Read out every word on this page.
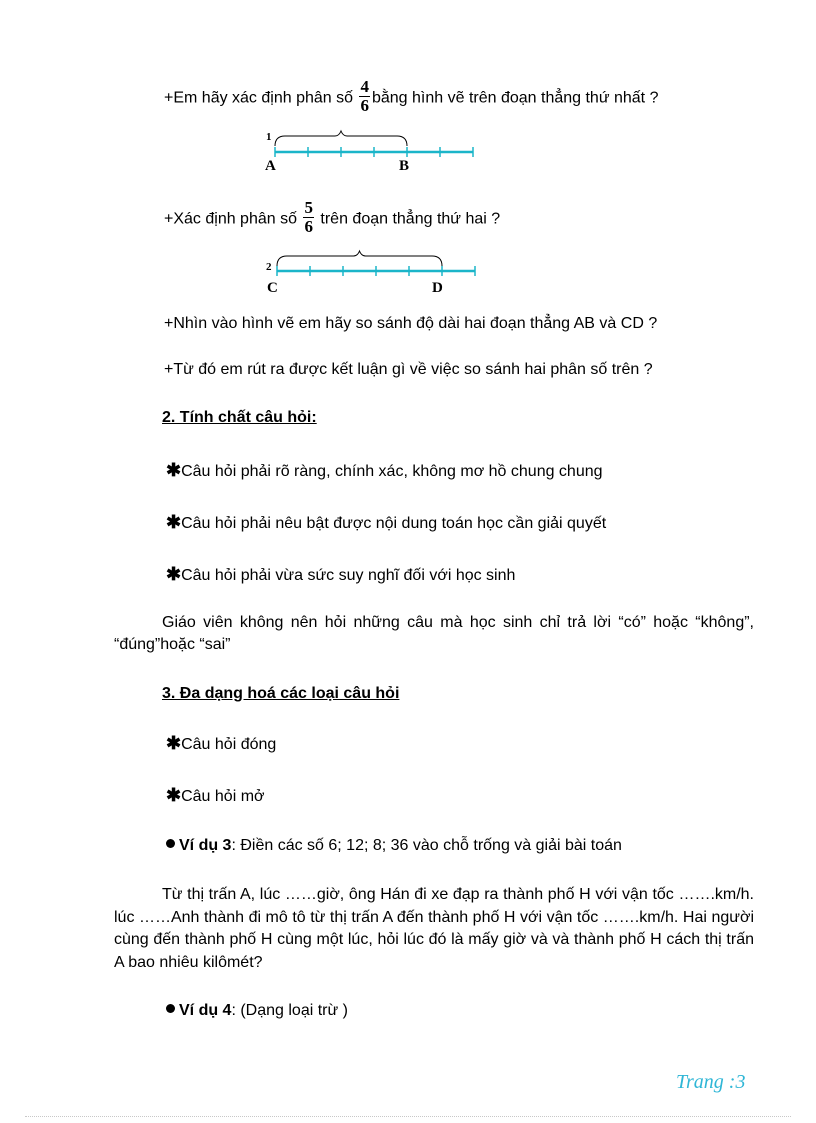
+Em hãy xác định phân số $\frac{4}{6}$ bằng hình vẽ trên đoạn thẳng thứ nhất ?
1
A	B
+Xác định phân số $\frac{5}{6}$ trên đoạn thẳng thứ hai ?
2
C	D
+Nhìn vào hình vẽ em hãy so sánh độ dài hai đoạn thẳng AB và CD ?
+Từ đó em rút ra được kết luận gì về việc so sánh hai phân số trên ?
2. Tính chất câu hỏi:
✱Câu hỏi phải rõ ràng, chính xác, không mơ hồ chung chung
✱Câu hỏi phải nêu bật được nội dung toán học cần giải quyết
✱Câu hỏi phải vừa sức suy nghĩ đối với học sinh
Giáo viên không nên hỏi những câu mà học sinh chỉ trả lời “có” hoặc “không”, “đúng”hoặc “sai”
3. Đa dạng hoá các loại câu hỏi
✱Câu hỏi đóng
✱Câu hỏi mở
Ví dụ 3: Điền các số 6; 12; 8; 36 vào chỗ trống và giải bài toán
Từ thị trấn A, lúc ……giờ, ông Hán đi xe đạp ra thành phố H với vận tốc …….km/h. lúc ……Anh thành đi mô tô từ thị trấn A đến thành phố H với vận tốc …….km/h. Hai người cùng đến thành phố H cùng một lúc, hỏi lúc đó là mấy giờ và và thành phố H cách thị trấn A bao nhiêu kilômét?
Ví dụ 4: (Dạng loại trừ )
Trang :3
